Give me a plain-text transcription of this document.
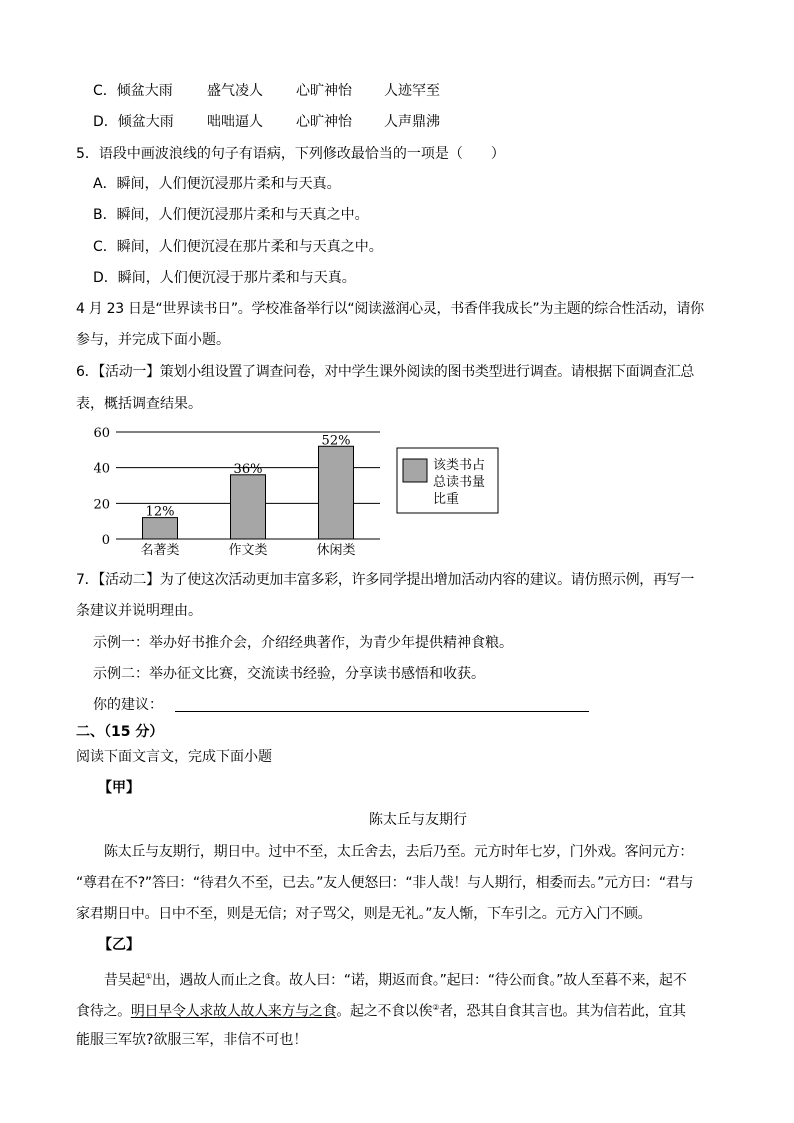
C．倾盆大雨 盛气凌人 心旷神怡 人迹罕至
D．倾盆大雨 咄咄逼人 心旷神怡 人声鼎沸
5．语段中画波浪线的句子有语病，下列修改最恰当的一项是（　　）
A．瞬间，人们便沉浸那片柔和与天真。
B．瞬间，人们便沉浸那片柔和与天真之中。
C．瞬间，人们便沉浸在那片柔和与天真之中。
D．瞬间，人们便沉浸于那片柔和与天真。
4 月 23 日是“世界读书日”。学校准备举行以“阅读滋润心灵，书香伴我成长”为主题的综合性活动，请你
参与，并完成下面小题。
6．【活动一】策划小组设置了调查问卷，对中学生课外阅读的图书类型进行调查。请根据下面调查汇总
表，概括调查结果。
0
20
40
60
12%
36%
52%
名著类	作文类	休闲类
该类书占
总读书量
比重
7．【活动二】为了使这次活动更加丰富多彩，许多同学提出增加活动内容的建议。请仿照示例，再写一
条建议并说明理由。
示例一：举办好书推介会，介绍经典著作，为青少年提供精神食粮。
示例二：举办征文比赛，交流读书经验，分享读书感悟和收获。
你的建议：
二、（15 分）
阅读下面文言文，完成下面小题
【甲】
陈太丘与友期行
陈太丘与友期行，期日中。过中不至，太丘舍去，去后乃至。元方时年七岁，门外戏。客问元方：
“尊君在不?”答曰：“待君久不至，已去。”友人便怒曰：“非人哉！与人期行，相委而去。”元方曰：“君与
家君期日中。日中不至，则是无信；对子骂父，则是无礼。”友人惭，下车引之。元方入门不顾。
【乙】
昔吴起①出，遇故人而止之食。故人曰：“诺，期返而食。”起曰：“待公而食。”故人至暮不来，起不
食待之。明日早令人求故人故人来方与之食。起之不食以俟②者，恐其自食其言也。其为信若此，宜其
能服三军欤?欲服三军，非信不可也！
